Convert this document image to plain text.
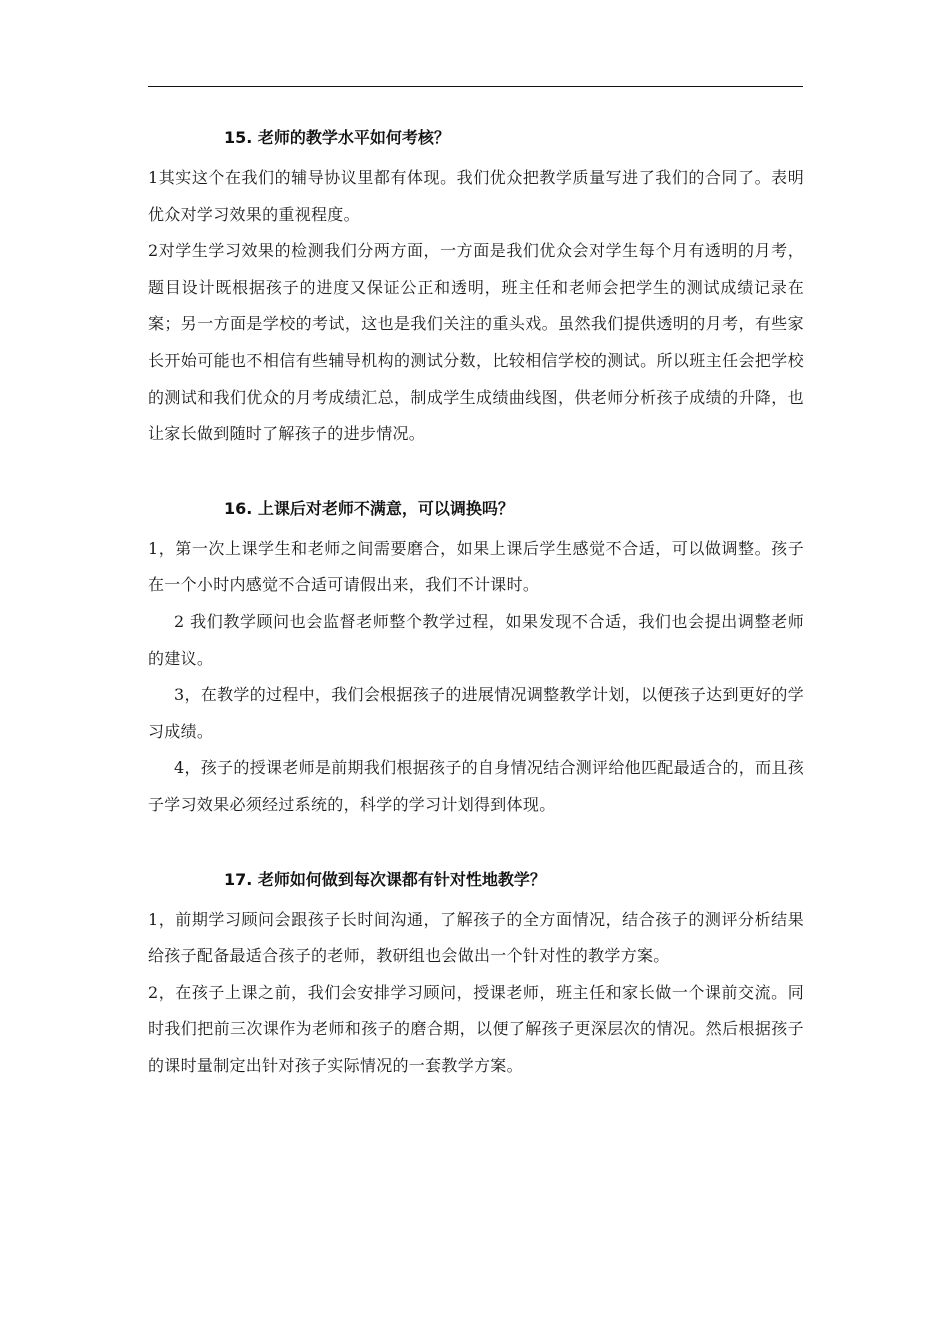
15. 老师的教学水平如何考核？

1其实这个在我们的辅导协议里都有体现。我们优众把教学质量写进了我们的合同了。表明优众对学习效果的重视程度。

2对学生学习效果的检测我们分两方面，一方面是我们优众会对学生每个月有透明的月考，题目设计既根据孩子的进度又保证公正和透明，班主任和老师会把学生的测试成绩记录在案；另一方面是学校的考试，这也是我们关注的重头戏。虽然我们提供透明的月考，有些家长开始可能也不相信有些辅导机构的测试分数，比较相信学校的测试。所以班主任会把学校的测试和我们优众的月考成绩汇总，制成学生成绩曲线图，供老师分析孩子成绩的升降，也让家长做到随时了解孩子的进步情况。

16. 上课后对老师不满意，可以调换吗？

1，第一次上课学生和老师之间需要磨合，如果上课后学生感觉不合适，可以做调整。孩子在一个小时内感觉不合适可请假出来，我们不计课时。

2 我们教学顾问也会监督老师整个教学过程，如果发现不合适，我们也会提出调整老师的建议。

3，在教学的过程中，我们会根据孩子的进展情况调整教学计划，以便孩子达到更好的学习成绩。

4，孩子的授课老师是前期我们根据孩子的自身情况结合测评给他匹配最适合的，而且孩子学习效果必须经过系统的，科学的学习计划得到体现。

17. 老师如何做到每次课都有针对性地教学？

1，前期学习顾问会跟孩子长时间沟通，了解孩子的全方面情况，结合孩子的测评分析结果给孩子配备最适合孩子的老师，教研组也会做出一个针对性的教学方案。

2，在孩子上课之前，我们会安排学习顾问，授课老师，班主任和家长做一个课前交流。同时我们把前三次课作为老师和孩子的磨合期，以便了解孩子更深层次的情况。然后根据孩子的课时量制定出针对孩子实际情况的一套教学方案。
